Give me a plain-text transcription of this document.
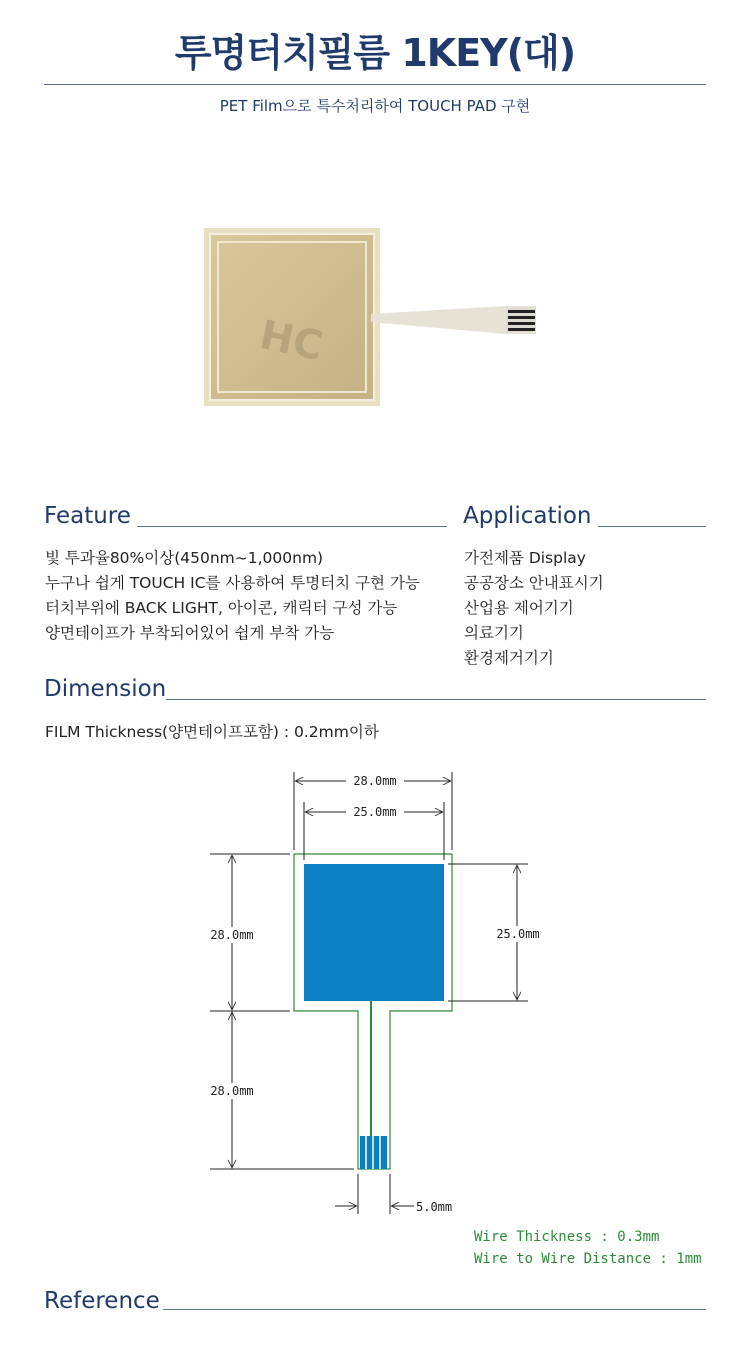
투명터치필름 1KEY(대)
PET Film으로 특수처리하여 TOUCH PAD 구현
HC
Feature
빛 투과율80%이상(450nm~1,000nm)
누구나 쉽게 TOUCH IC를 사용하여 투명터치 구현 가능
터치부위에 BACK LIGHT, 아이콘, 캐릭터 구성 가능
양면테이프가 부착되어있어 쉽게 부착 가능
Application
가전제품 Display
공공장소 안내표시기
산업용 제어기기
의료기기
환경제거기기
Dimension
FILM Thickness(양면테이프포함) : 0.2mm이하
28.0mm
25.0mm
28.0mm
28.0mm
25.0mm
5.0mm
Wire Thickness : 0.3mm
Wire to Wire Distance : 1mm
Reference
